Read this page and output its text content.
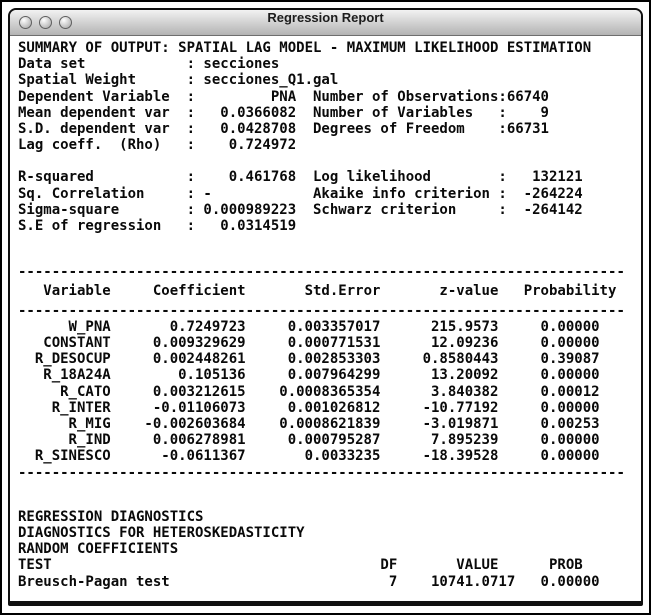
Regression Report
SUMMARY OF OUTPUT: SPATIAL LAG MODEL - MAXIMUM LIKELIHOOD ESTIMATION
Data set	: secciones
Spatial Weight	: secciones_Q1.gal
Dependent Variable :	PNA Number of Observations:66740
Mean dependent var : 0.0366082 Number of Variables : 9
S.D. dependent var : 0.0428708 Degrees of Freedom :66731
Lag coeff.  (Rho) : 0.724972
R-squared	: 0.461768 Log likelihood	: 132121
Sq. Correlation	: -	Akaike info criterion : -264224
Sigma-square	: 0.000989223 Schwarz criterion	: -264142
S.E of regression : 0.0314519
------------------------------------------------------------------------
Variable	Coefficient	Std.Error	z-value Probability
------------------------------------------------------------------------
W_PNA	0.7249723	0.003357017	215.9573	0.00000
CONSTANT	0.009329629	0.000771531	12.09236	0.00000
R_DESOCUP	0.002448261	0.002853303	0.8580443	0.39087
R_18A24A	0.105136	0.007964299	13.20092	0.00000
R_CATO	0.003212615 0.0008365354	3.840382	0.00012
R_INTER	-0.01106073	0.001026812	-10.77192	0.00000
R_MIG -0.002603684 0.0008621839	-3.019871	0.00253
R_IND	0.006278981	0.000795287	7.895239	0.00000
R_SINESCO	-0.0611367	0.0033235	-18.39528	0.00000
------------------------------------------------------------------------
REGRESSION DIAGNOSTICS
DIAGNOSTICS FOR HETEROSKEDASTICITY
RANDOM COEFFICIENTS
TEST	DF	VALUE	PROB
Breusch-Pagan test	7 10741.0717 0.00000
